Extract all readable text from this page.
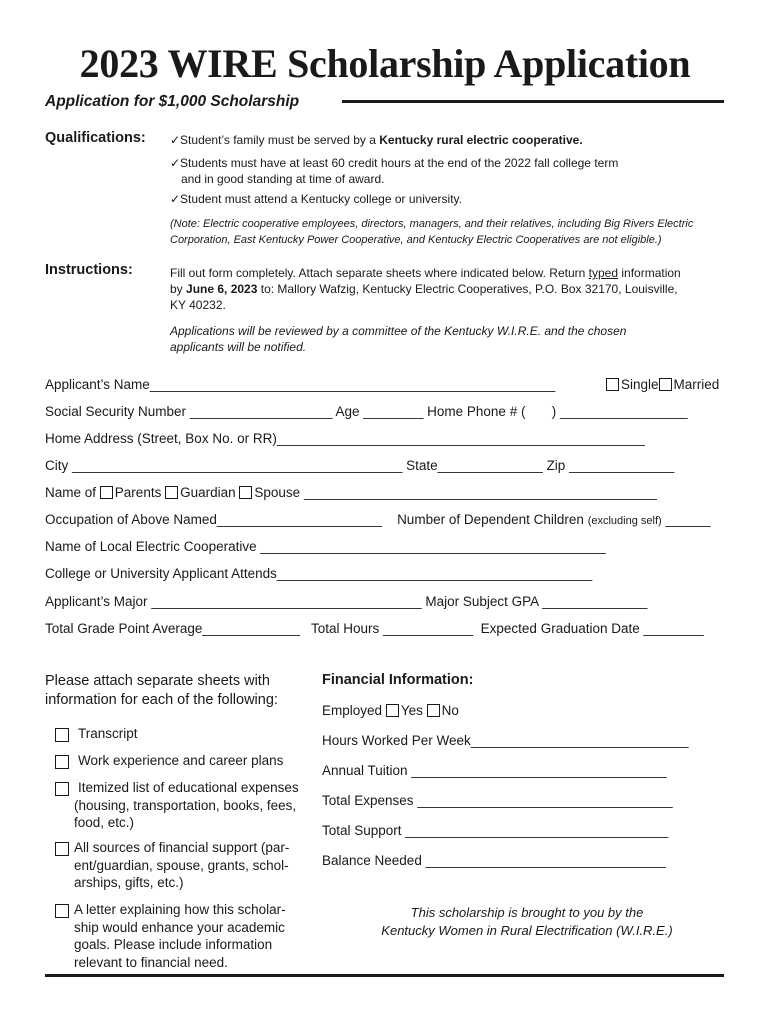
2023 WIRE Scholarship Application
Application for $1,000 Scholarship
Qualifications: ✓Student’s family must be served by a Kentucky rural electric cooperative.
✓Students must have at least 60 credit hours at the end of the 2022 fall college term
and in good standing at time of award.
✓Student must attend a Kentucky college or university.
(Note: Electric cooperative employees, directors, managers, and their relatives, including Big Rivers Electric
Corporation, East Kentucky Power Cooperative, and Kentucky Electric Cooperatives are not eligible.)
Instructions:	Fill out form completely. Attach separate sheets where indicated below. Return typed information
by June 6, 2023 to: Mallory Wafzig, Kentucky Electric Cooperatives, P.O. Box 32170, Louisville,
KY 40232.
Applications will be reviewed by a committee of the Kentucky W.I.R.E. and the chosen
applicants will be notified.
Applicant’s Name______________________________________________________	Single Married
Social Security Number ___________________ Age ________ Home Phone # ( ) _________________
Home Address (Street, Box No. or RR)_________________________________________________
City ____________________________________________ State______________ Zip ______________
Name of Parents Guardian Spouse _______________________________________________
Occupation of Above Named______________________ Number of Dependent Children (excluding self) ______
Name of Local Electric Cooperative ______________________________________________
College or University Applicant Attends__________________________________________
Applicant’s Major ____________________________________ Major Subject GPA ______________
Total Grade Point Average_____________ Total Hours ____________ Expected Graduation Date ________
Please attach separate sheets with
information for each of the following:
Transcript
Work experience and career plans
Itemized list of educational expenses
(housing, transportation, books, fees,
food, etc.)
All sources of financial support (par-
ent/guardian, spouse, grants, schol-
arships, gifts, etc.)
A letter explaining how this scholar-
ship would enhance your academic
goals. Please include information
relevant to financial need.
Financial Information:
Employed Yes No
Hours Worked Per Week_____________________________
Annual Tuition __________________________________
Total Expenses __________________________________
Total Support ___________________________________
Balance Needed ________________________________
This scholarship is brought to you by the
Kentucky Women in Rural Electrification (W.I.R.E.)
